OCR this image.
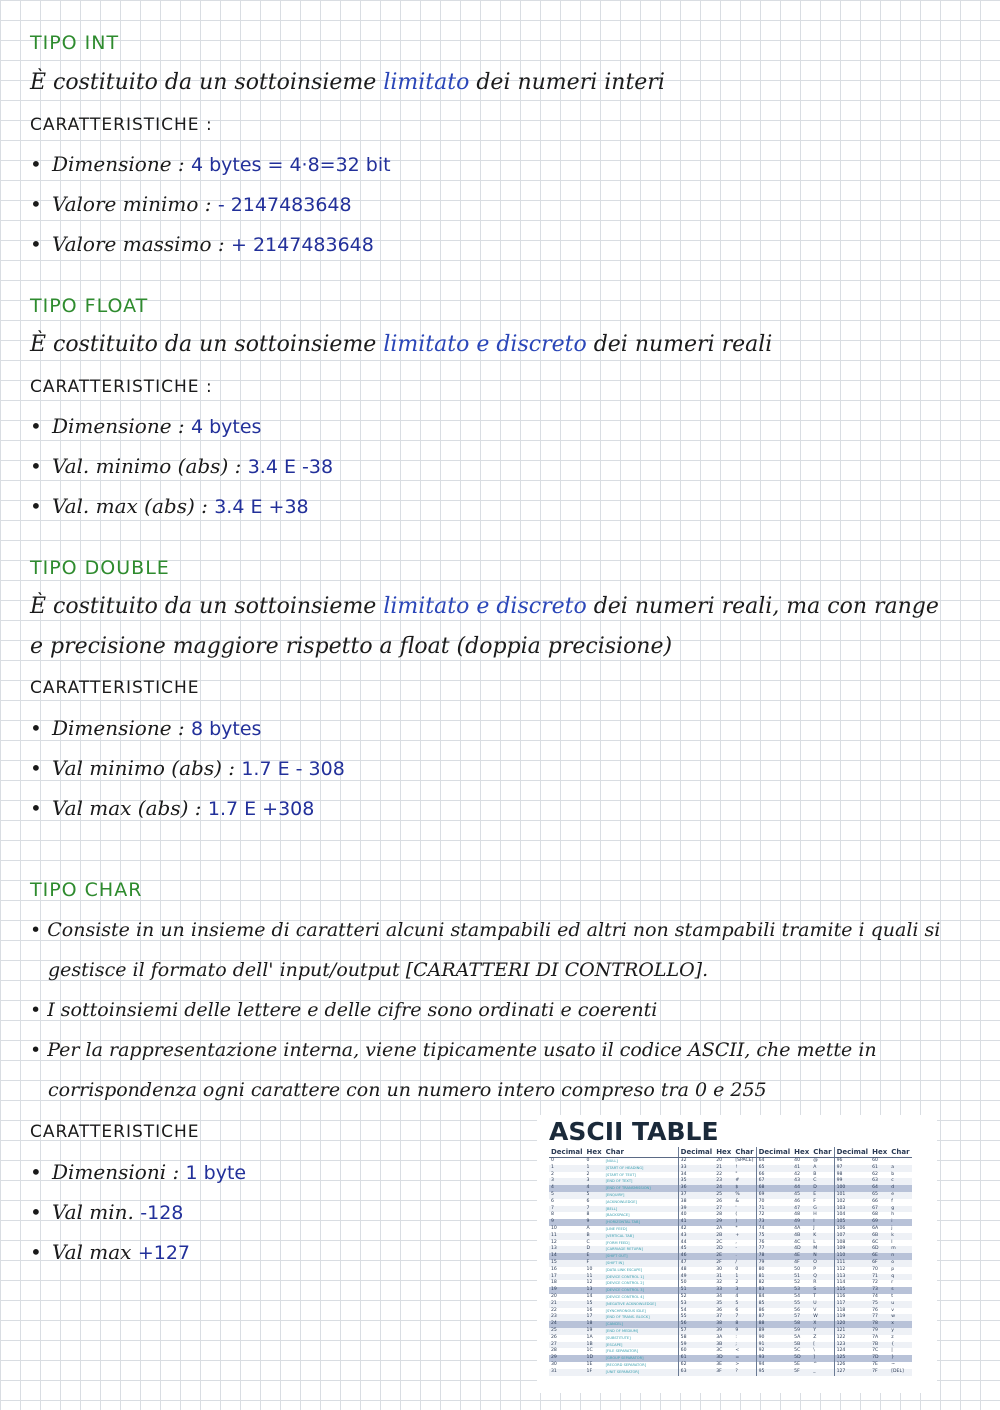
TIPO INT

È costituito da un sottoinsieme limitato dei numeri interi

CARATTERISTICHE :

• Dimensione : 4 bytes = 4·8=32 bit
• Valore minimo : - 2147483648
• Valore massimo : + 2147483648
TIPO FLOAT

È costituito da un sottoinsieme limitato e discreto dei numeri reali

CARATTERISTICHE :

• Dimensione : 4 bytes
• Val. minimo (abs) : 3.4 E -38
• Val. max (abs) : 3.4 E +38
TIPO DOUBLE

È costituito da un sottoinsieme limitato e discreto dei numeri reali, ma con range

e precisione maggiore rispetto a float (doppia precisione)

CARATTERISTICHE

• Dimensione : 8 bytes
• Val minimo (abs) : 1.7 E - 308
• Val max (abs) : 1.7 E +308
TIPO CHAR
• Consiste in un insieme di caratteri alcuni stampabili ed altri non stampabili tramite i quali si gestisce il formato dell' input/output [CARATTERI DI CONTROLLO].
• I sottoinsiemi delle lettere e delle cifre sono ordinati e coerenti
• Per la rappresentazione interna, viene tipicamente usato il codice ASCII, che mette in corrispondenza ogni carattere con un numero intero compreso tra 0 e 255

CARATTERISTICHE

• Dimensioni : 1 byte
• Val min. -128
• Val max +127

ASCII TABLE

Decimal	Hex	Char	Decimal	Hex	Char	Decimal	Hex	Char	Decimal	Hex	Char
0	0	[NULL]	32	20	[SPACE]	64	40	@	96	60	`
1	1	[START OF HEADING]	33	21	!	65	41	A	97	61	a
2	2	[START OF TEXT]	34	22	"	66	42	B	98	62	b
3	3	[END OF TEXT]	35	23	#	67	43	C	99	63	c
4	4	[END OF TRANSMISSION]	36	24	$	68	44	D	100	64	d
5	5	[ENQUIRY]	37	25	%	69	45	E	101	65	e
6	6	[ACKNOWLEDGE]	38	26	&	70	46	F	102	66	f
7	7	[BELL]	39	27	'	71	47	G	103	67	g
8	8	[BACKSPACE]	40	28	(	72	48	H	104	68	h
9	9	[HORIZONTAL TAB]	41	29	)	73	49	I	105	69	i
10	A	[LINE FEED]	42	2A	*	74	4A	J	106	6A	j
11	B	[VERTICAL TAB]	43	2B	+	75	4B	K	107	6B	k
12	C	[FORM FEED]	44	2C	,	76	4C	L	108	6C	l
13	D	[CARRIAGE RETURN]	45	2D	-	77	4D	M	109	6D	m
14	E	[SHIFT OUT]	46	2E	.	78	4E	N	110	6E	n
15	F	[SHIFT IN]	47	2F	/	79	4F	O	111	6F	o
16	10	[DATA LINK ESCAPE]	48	30	0	80	50	P	112	70	p
17	11	[DEVICE CONTROL 1]	49	31	1	81	51	Q	113	71	q
18	12	[DEVICE CONTROL 2]	50	32	2	82	52	R	114	72	r
19	13	[DEVICE CONTROL 3]	51	33	3	83	53	S	115	73	s
20	14	[DEVICE CONTROL 4]	52	34	4	84	54	T	116	74	t
21	15	[NEGATIVE ACKNOWLEDGE]	53	35	5	85	55	U	117	75	u
22	16	[SYNCHRONOUS IDLE]	54	36	6	86	56	V	118	76	v
23	17	[END OF TRANS. BLOCK]	55	37	7	87	57	W	119	77	w
24	18	[CANCEL]	56	38	8	88	58	X	120	78	x
25	19	[END OF MEDIUM]	57	39	9	89	59	Y	121	79	y
26	1A	[SUBSTITUTE]	58	3A	:	90	5A	Z	122	7A	z
27	1B	[ESCAPE]	59	3B	;	91	5B	[	123	7B	{
28	1C	[FILE SEPARATOR]	60	3C	<	92	5C	\	124	7C	|
29	1D	[GROUP SEPARATOR]	61	3D	=	93	5D	]	125	7D	}
30	1E	[RECORD SEPARATOR]	62	3E	>	94	5E	^	126	7E	~
31	1F	[UNIT SEPARATOR]	63	3F	?	95	5F	_	127	7F	[DEL]
